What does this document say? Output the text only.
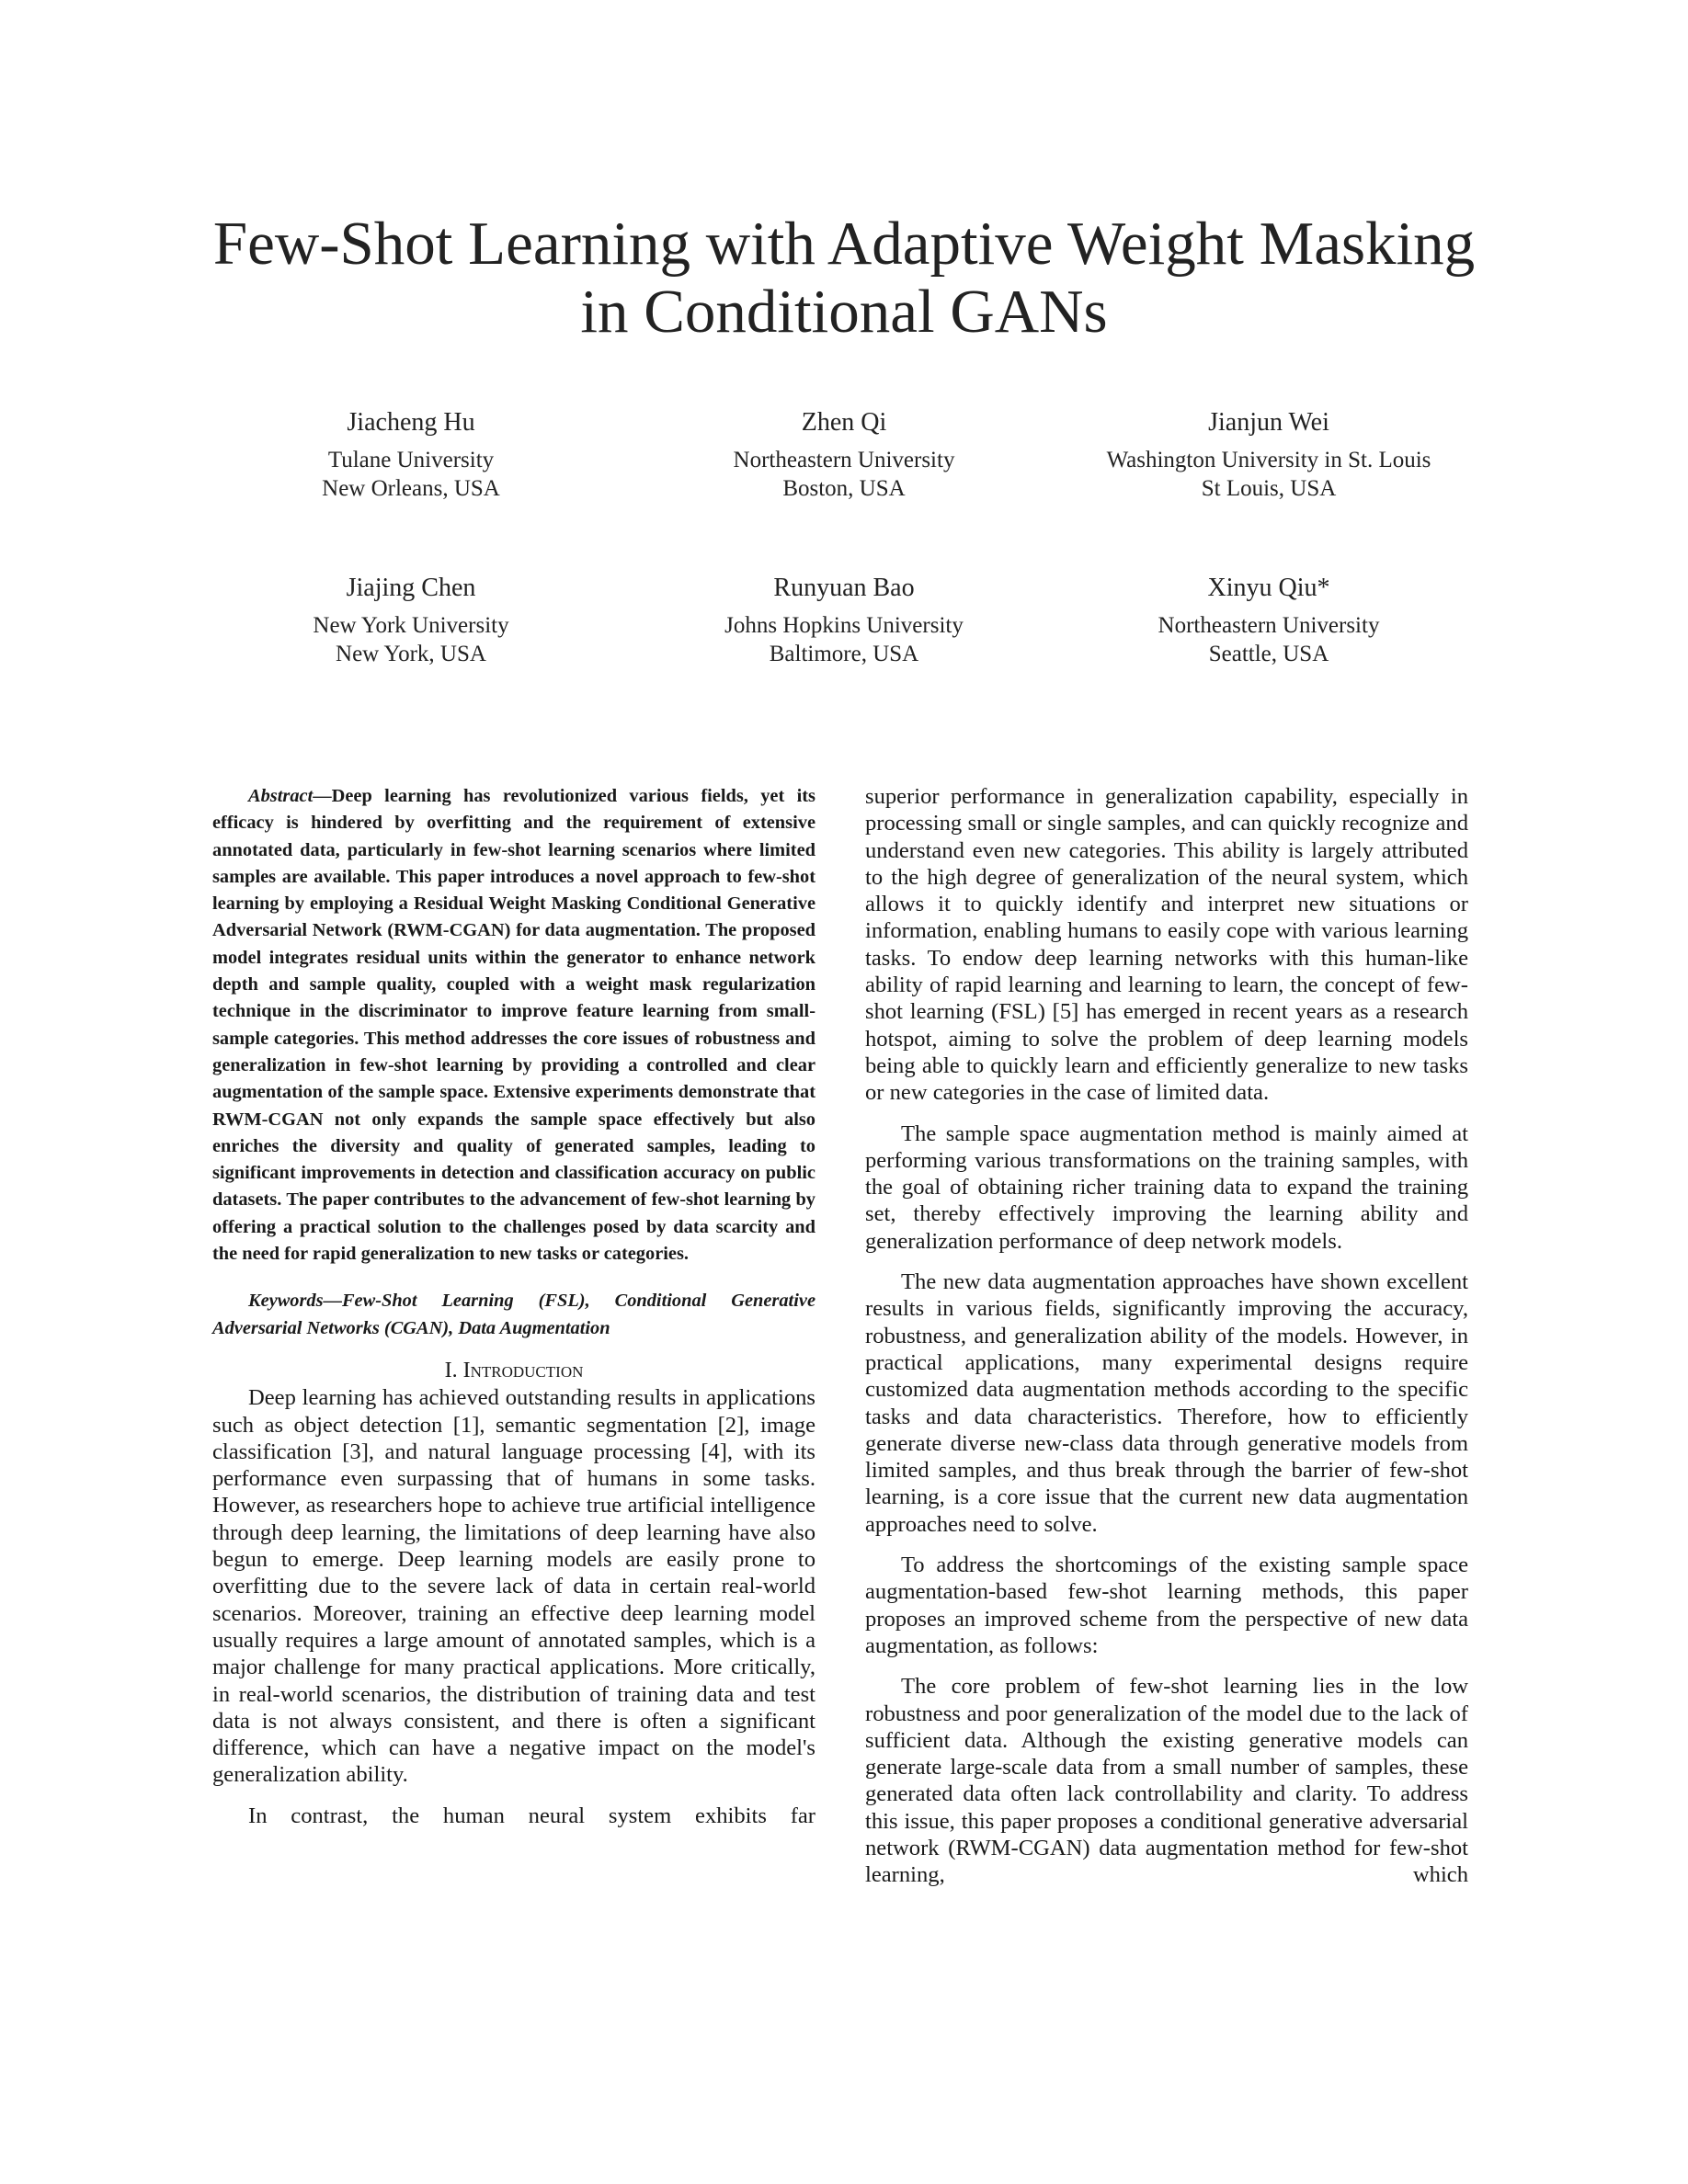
Few-Shot Learning with Adaptive Weight Masking
in Conditional GANs
Jiacheng Hu
Tulane University
New Orleans, USA
Zhen Qi
Northeastern University
Boston, USA
Jianjun Wei
Washington University in St. Louis
St Louis, USA
Jiajing Chen
New York University
New York, USA
Runyuan Bao
Johns Hopkins University
Baltimore, USA
Xinyu Qiu*
Northeastern University
Seattle, USA

Abstract—Deep learning has revolutionized various fields, yet its efficacy is hindered by overfitting and the requirement of extensive annotated data, particularly in few-shot learning scenarios where limited samples are available. This paper introduces a novel approach to few-shot learning by employing a Residual Weight Masking Conditional Generative Adversarial Network (RWM-CGAN) for data augmentation. The proposed model integrates residual units within the generator to enhance network depth and sample quality, coupled with a weight mask regularization technique in the discriminator to improve feature learning from small-sample categories. This method addresses the core issues of robustness and generalization in few-shot learning by providing a controlled and clear augmentation of the sample space. Extensive experiments demonstrate that RWM-CGAN not only expands the sample space effectively but also enriches the diversity and quality of generated samples, leading to significant improvements in detection and classification accuracy on public datasets. The paper contributes to the advancement of few-shot learning by offering a practical solution to the challenges posed by data scarcity and the need for rapid generalization to new tasks or categories.

Keywords—Few-Shot Learning (FSL), Conditional Generative Adversarial Networks (CGAN), Data Augmentation

I. Introduction

Deep learning has achieved outstanding results in applications such as object detection [1], semantic segmentation [2], image classification [3], and natural language processing [4], with its performance even surpassing that of humans in some tasks. However, as researchers hope to achieve true artificial intelligence through deep learning, the limitations of deep learning have also begun to emerge. Deep learning models are easily prone to overfitting due to the severe lack of data in certain real-world scenarios. Moreover, training an effective deep learning model usually requires a large amount of annotated samples, which is a major challenge for many practical applications. More critically, in real-world scenarios, the distribution of training data and test data is not always consistent, and there is often a significant difference, which can have a negative impact on the model's generalization ability.

In contrast, the human neural system exhibits far

superior performance in generalization capability, especially in processing small or single samples, and can quickly recognize and understand even new categories. This ability is largely attributed to the high degree of generalization of the neural system, which allows it to quickly identify and interpret new situations or information, enabling humans to easily cope with various learning tasks. To endow deep learning networks with this human-like ability of rapid learning and learning to learn, the concept of few-shot learning (FSL) [5] has emerged in recent years as a research hotspot, aiming to solve the problem of deep learning models being able to quickly learn and efficiently generalize to new tasks or new categories in the case of limited data.

The sample space augmentation method is mainly aimed at performing various transformations on the training samples, with the goal of obtaining richer training data to expand the training set, thereby effectively improving the learning ability and generalization performance of deep network models.

The new data augmentation approaches have shown excellent results in various fields, significantly improving the accuracy, robustness, and generalization ability of the models. However, in practical applications, many experimental designs require customized data augmentation methods according to the specific tasks and data characteristics. Therefore, how to efficiently generate diverse new-class data through generative models from limited samples, and thus break through the barrier of few-shot learning, is a core issue that the current new data augmentation approaches need to solve.

To address the shortcomings of the existing sample space augmentation-based few-shot learning methods, this paper proposes an improved scheme from the perspective of new data augmentation, as follows:

The core problem of few-shot learning lies in the low robustness and poor generalization of the model due to the lack of sufficient data. Although the existing generative models can generate large-scale data from a small number of samples, these generated data often lack controllability and clarity. To address this issue, this paper proposes a conditional generative adversarial network (RWM-CGAN) data augmentation method for few-shot learning, which
